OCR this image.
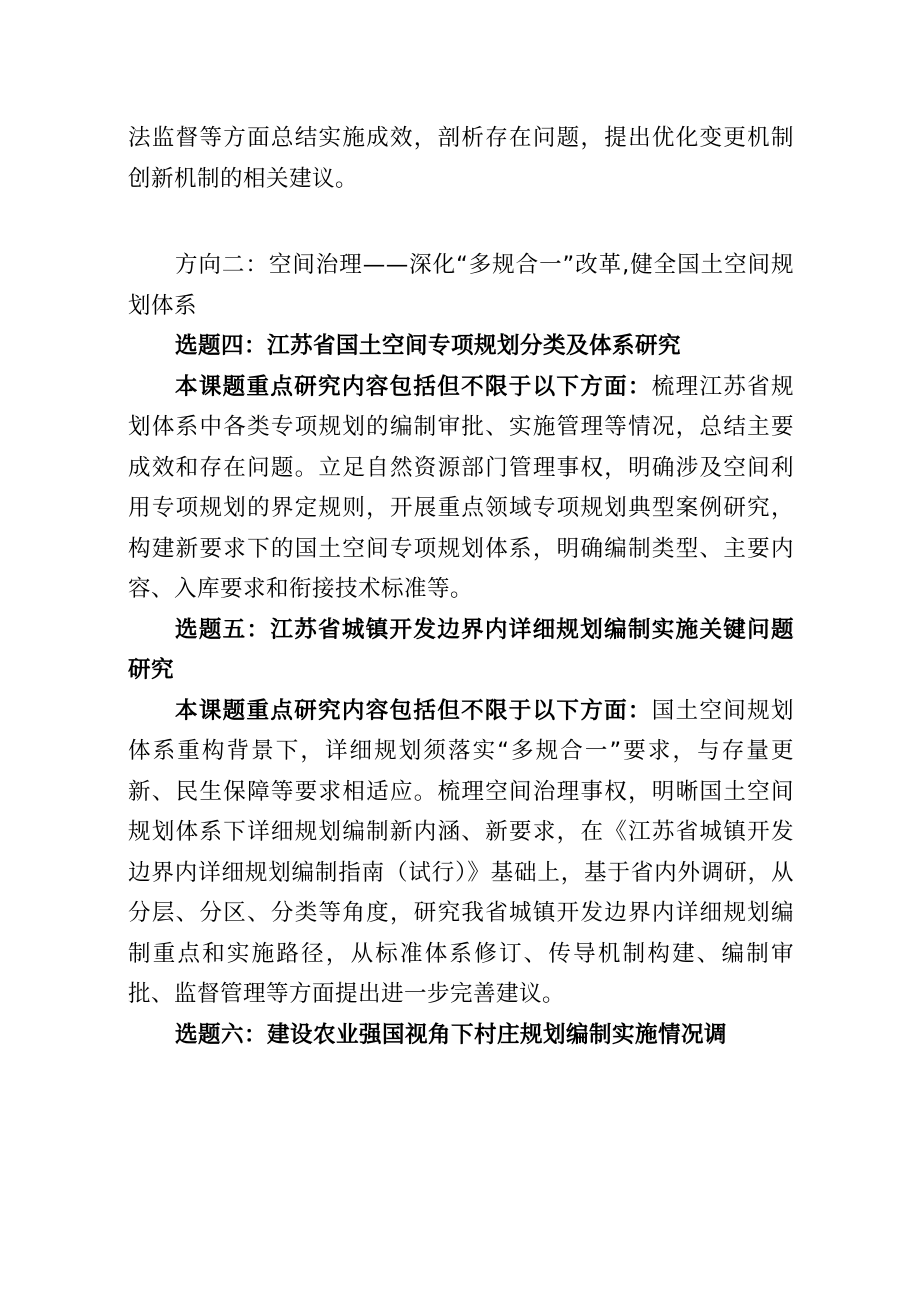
法监督等方面总结实施成效，剖析存在问题，提出优化变更机制创新机制的相关建议。

方向二：空间治理——深化“多规合一”改革,健全国土空间规划体系

选题四：江苏省国土空间专项规划分类及体系研究

本课题重点研究内容包括但不限于以下方面：梳理江苏省规划体系中各类专项规划的编制审批、实施管理等情况，总结主要成效和存在问题。立足自然资源部门管理事权，明确涉及空间利用专项规划的界定规则，开展重点领域专项规划典型案例研究，构建新要求下的国土空间专项规划体系，明确编制类型、主要内容、入库要求和衔接技术标准等。

选题五：江苏省城镇开发边界内详细规划编制实施关键问题研究

本课题重点研究内容包括但不限于以下方面：国土空间规划体系重构背景下，详细规划须落实“多规合一”要求，与存量更新、民生保障等要求相适应。梳理空间治理事权，明晰国土空间规划体系下详细规划编制新内涵、新要求，在《江苏省城镇开发边界内详细规划编制指南（试行）》基础上，基于省内外调研，从分层、分区、分类等角度，研究我省城镇开发边界内详细规划编制重点和实施路径，从标准体系修订、传导机制构建、编制审批、监督管理等方面提出进一步完善建议。

选题六：建设农业强国视角下村庄规划编制实施情况调
